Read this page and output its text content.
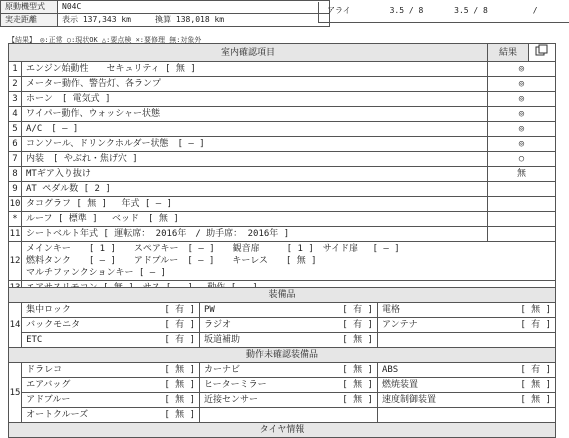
原動機型式	N04C
実走距離	表示 137,343 km 換算 138,018 km
アライ	3.5 / 8	3.5 / 8	/
【結果】 ◎:正常 ○:現状OK △:要点検 ×:要修理 無:対象外
室内確認項目		結果	
1	エンジン始動性　　セキュリティ [ 無 ]	◎	
2	メーター動作、警告灯、各ランプ	◎	
3	ホーン　[ 電気式 ]	◎	
4	ワイパー動作、ウォッシャー状態	◎	
5	A/C　[ ― ]	◎	
6	コンソール、ドリンクホルダー状態　[ ― ]	◎	
7	内装　[ やぶれ・焦げ穴 ]	○	
8	MTギア入り抜け	無	
9	AT ペダル数 [ 2 ]		
10	タコグラフ [ 無 ]　 年式 [ ― ]		
*	ルーフ [ 標準 ]　 ベッド　[ 無 ]		
11	シートベルト年式 [ 運転席： 2016年　/ 助手席： 2016年 ]		
12	メインキー　　[ 1 ]　　スペアキー　[ ― ]　　観音扉　　　[ 1 ]　サイド扉　 [ ― ]
燃料タンク　　[ ― ]　　アドブルー　[ ― ]　　キーレス　　[ 無 ]
マルチファンクションキー [ ― ]		

装備品						
14	集中ロック	[ 有 ]	PW	[ 有 ]	電格	[ 無 ]
	バックモニタ	[ 有 ]	ラジオ	[ 有 ]	アンテナ	[ 有 ]
	ETC	[ 有 ]	坂道補助	[ 無 ]		
動作未確認装備品						
15	ドラレコ	[ 無 ]	カーナビ	[ 無 ]	ABS	[ 有 ]
	エアバッグ	[ 無 ]	ヒーターミラー	[ 無 ]	燃焼装置	[ 無 ]
	アドブルー	[ 無 ]	近接センサー	[ 無 ]	速度制御装置	[ 無 ]
	オートクルーズ	[ 無 ]				
タイヤ情報						
